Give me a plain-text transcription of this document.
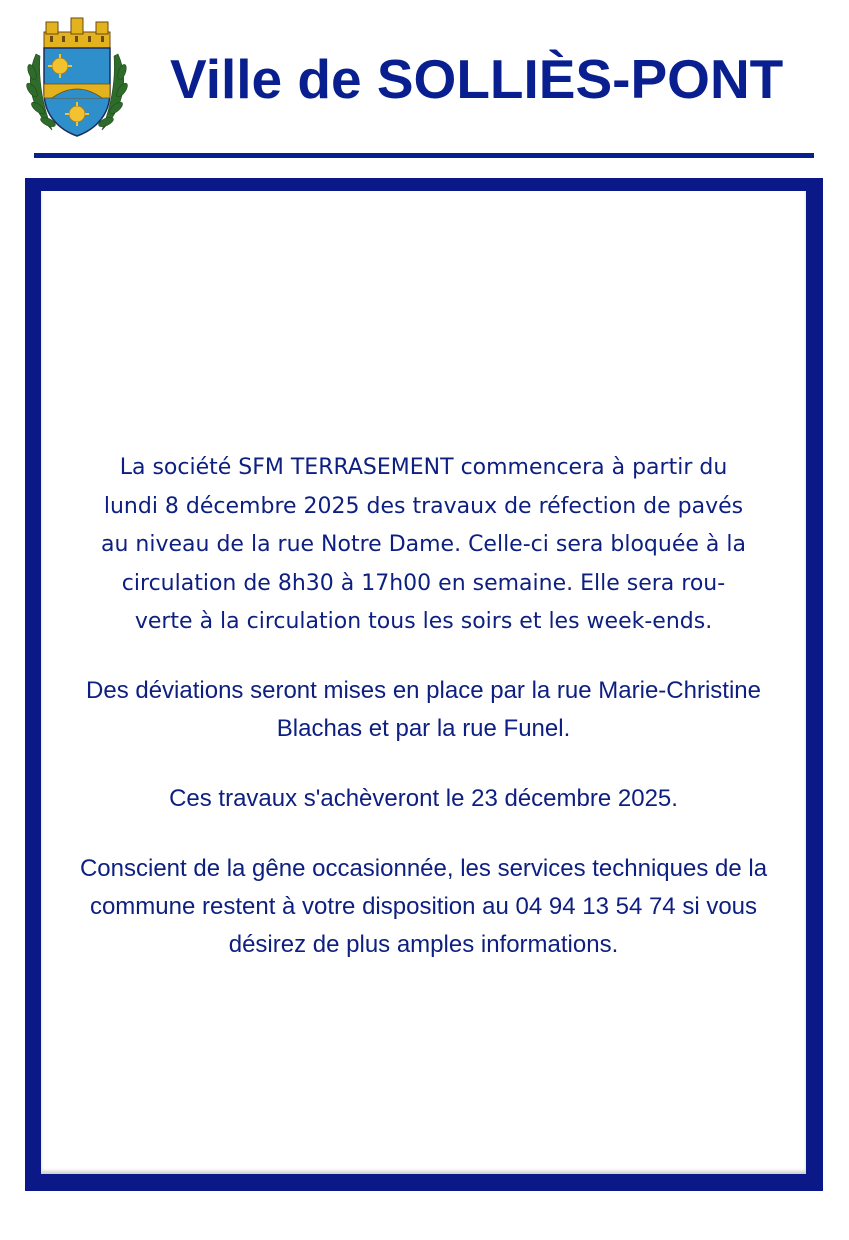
Ville de SOLLIÈS-PONT

La société SFM TERRASEMENT commencera à partir du
lundi 8 décembre 2025 des travaux de réfection de pavés
au niveau de la rue Notre Dame. Celle-ci sera bloquée à la
circulation de 8h30 à 17h00 en semaine. Elle sera rou-
verte à la circulation tous les soirs et les week-ends.

Des déviations seront mises en place par la rue Marie-Christine
Blachas et par la rue Funel.

Ces travaux s'achèveront le 23 décembre 2025.

Conscient de la gêne occasionnée, les services techniques de la
commune restent à votre disposition au 04 94 13 54 74 si vous
désirez de plus amples informations.
